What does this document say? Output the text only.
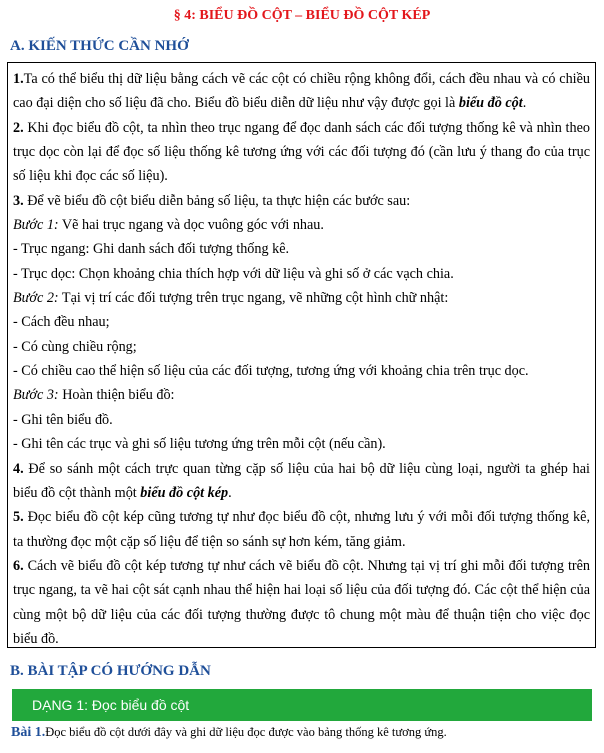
§ 4: BIỂU ĐỒ CỘT – BIỂU ĐỒ CỘT KÉP
A. KIẾN THỨC CẦN NHỚ

1.Ta có thể biểu thị dữ liệu bằng cách vẽ các cột có chiều rộng không đổi, cách đều nhau và có chiều cao đại diện cho số liệu đã cho. Biểu đồ biểu diễn dữ liệu như vậy được gọi là biểu đồ cột.

2. Khi đọc biểu đồ cột, ta nhìn theo trục ngang để đọc danh sách các đối tượng thống kê và nhìn theo trục dọc còn lại để đọc số liệu thống kê tương ứng với các đối tượng đó (cần lưu ý thang đo của trục số liệu khi đọc các số liệu).

3. Để vẽ biểu đồ cột biểu diễn bảng số liệu, ta thực hiện các bước sau:

Bước 1: Vẽ hai trục ngang và dọc vuông góc với nhau.

- Trục ngang: Ghi danh sách đối tượng thống kê.

- Trục dọc: Chọn khoảng chia thích hợp với dữ liệu và ghi số ở các vạch chia.

Bước 2: Tại vị trí các đối tượng trên trục ngang, vẽ những cột hình chữ nhật:

- Cách đều nhau;

- Có cùng chiều rộng;

- Có chiều cao thể hiện số liệu của các đối tượng, tương ứng với khoảng chia trên trục dọc.

Bước 3: Hoàn thiện biểu đồ:

- Ghi tên biểu đồ.

- Ghi tên các trục và ghi số liệu tương ứng trên mỗi cột (nếu cần).

4. Để so sánh một cách trực quan từng cặp số liệu của hai bộ dữ liệu cùng loại, người ta ghép hai biểu đồ cột thành một biểu đồ cột kép.

5. Đọc biểu đồ cột kép cũng tương tự như đọc biểu đồ cột, nhưng lưu ý với mỗi đối tượng thống kê, ta thường đọc một cặp số liệu để tiện so sánh sự hơn kém, tăng giảm.

6. Cách vẽ biểu đồ cột kép tương tự như cách vẽ biểu đồ cột. Nhưng tại vị trí ghi mỗi đối tượng trên trục ngang, ta vẽ hai cột sát cạnh nhau thể hiện hai loại số liệu của đối tượng đó. Các cột thể hiện của cùng một bộ dữ liệu của các đối tượng thường được tô chung một màu để thuận tiện cho việc đọc biểu đồ.

B. BÀI TẬP CÓ HƯỚNG DẪN
DẠNG 1: Đọc biểu đồ cột
Bài 1.Đọc biểu đồ cột dưới đây và ghi dữ liệu đọc được vào bảng thống kê tương ứng.
